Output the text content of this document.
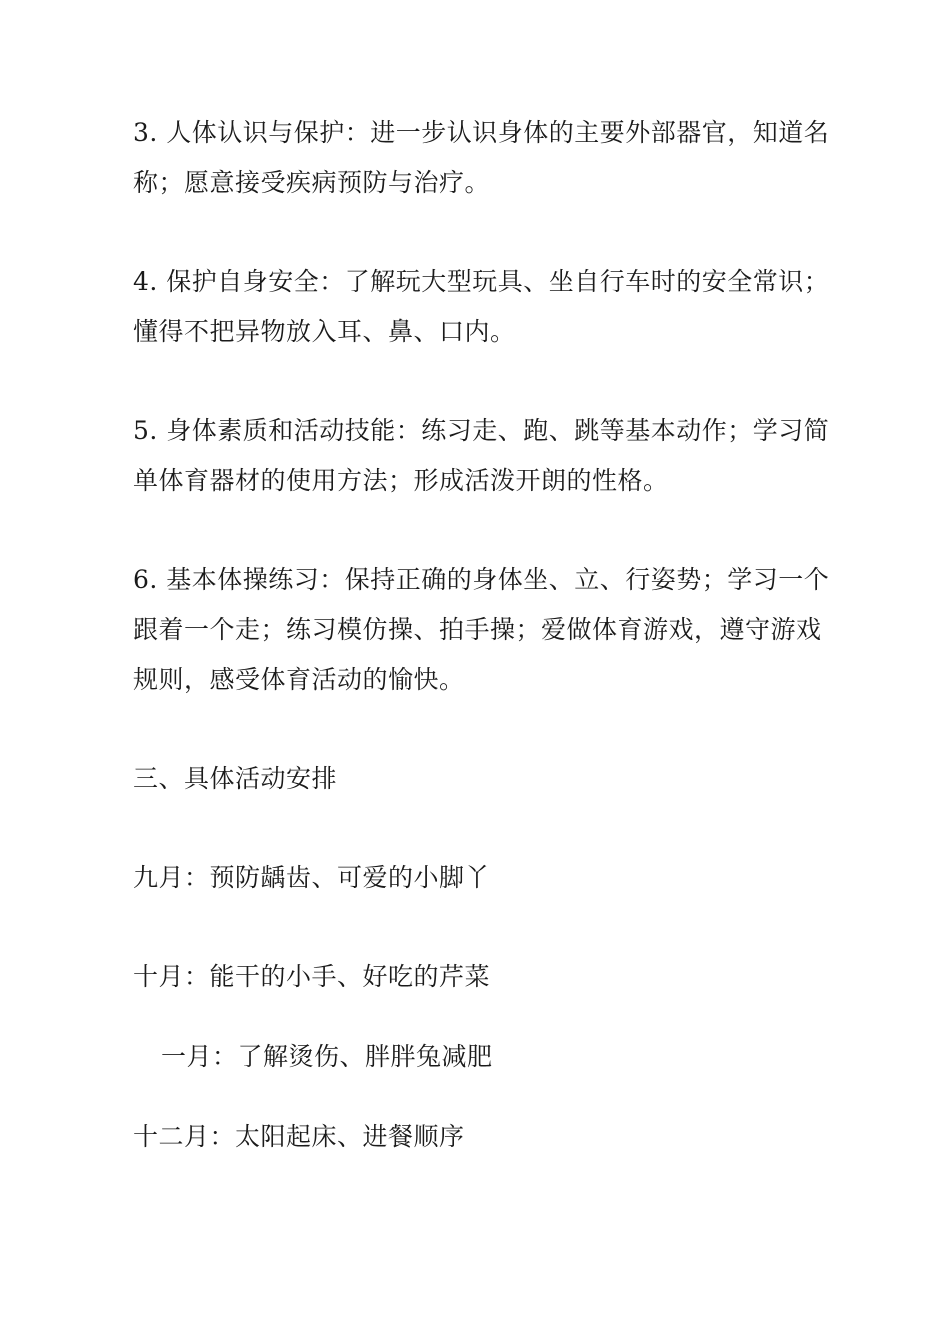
3. 人体认识与保护：进一步认识身体的主要外部器官，知道名称；愿意接受疾病预防与治疗。

4. 保护自身安全：了解玩大型玩具、坐自行车时的安全常识；懂得不把异物放入耳、鼻、口内。

5. 身体素质和活动技能：练习走、跑、跳等基本动作；学习简单体育器材的使用方法；形成活泼开朗的性格。

6. 基本体操练习：保持正确的身体坐、立、行姿势；学习一个跟着一个走；练习模仿操、拍手操；爱做体育游戏，遵守游戏规则，感受体育活动的愉快。

三、具体活动安排

九月：预防龋齿、可爱的小脚丫

十月：能干的小手、好吃的芹菜

一月：了解烫伤、胖胖兔减肥

十二月：太阳起床、进餐顺序
